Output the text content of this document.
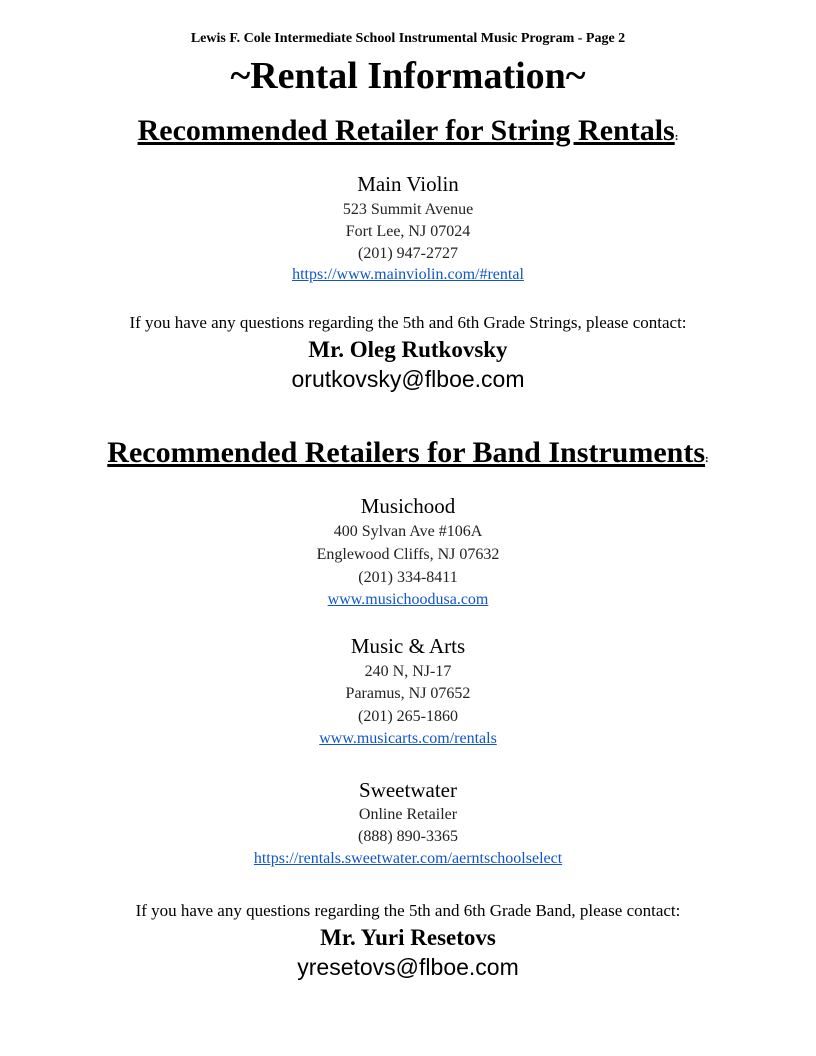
Lewis F. Cole Intermediate School Instrumental Music Program - Page 2
~Rental Information~
Recommended Retailer for String Rentals:
Main Violin
523 Summit Avenue
Fort Lee, NJ 07024
(201) 947-2727
https://www.mainviolin.com/#rental
If you have any questions regarding the 5th and 6th Grade Strings, please contact:
Mr. Oleg Rutkovsky
orutkovsky@flboe.com
Recommended Retailers for Band Instruments:
Musichood
400 Sylvan Ave #106A
Englewood Cliffs, NJ 07632
(201) 334-8411
www.musichoodusa.com
Music & Arts
240 N, NJ-17
Paramus, NJ 07652
(201) 265-1860
www.musicarts.com/rentals
Sweetwater
Online Retailer
(888) 890-3365
https://rentals.sweetwater.com/aerntschoolselect
If you have any questions regarding the 5th and 6th Grade Band, please contact:
Mr. Yuri Resetovs
yresetovs@flboe.com
